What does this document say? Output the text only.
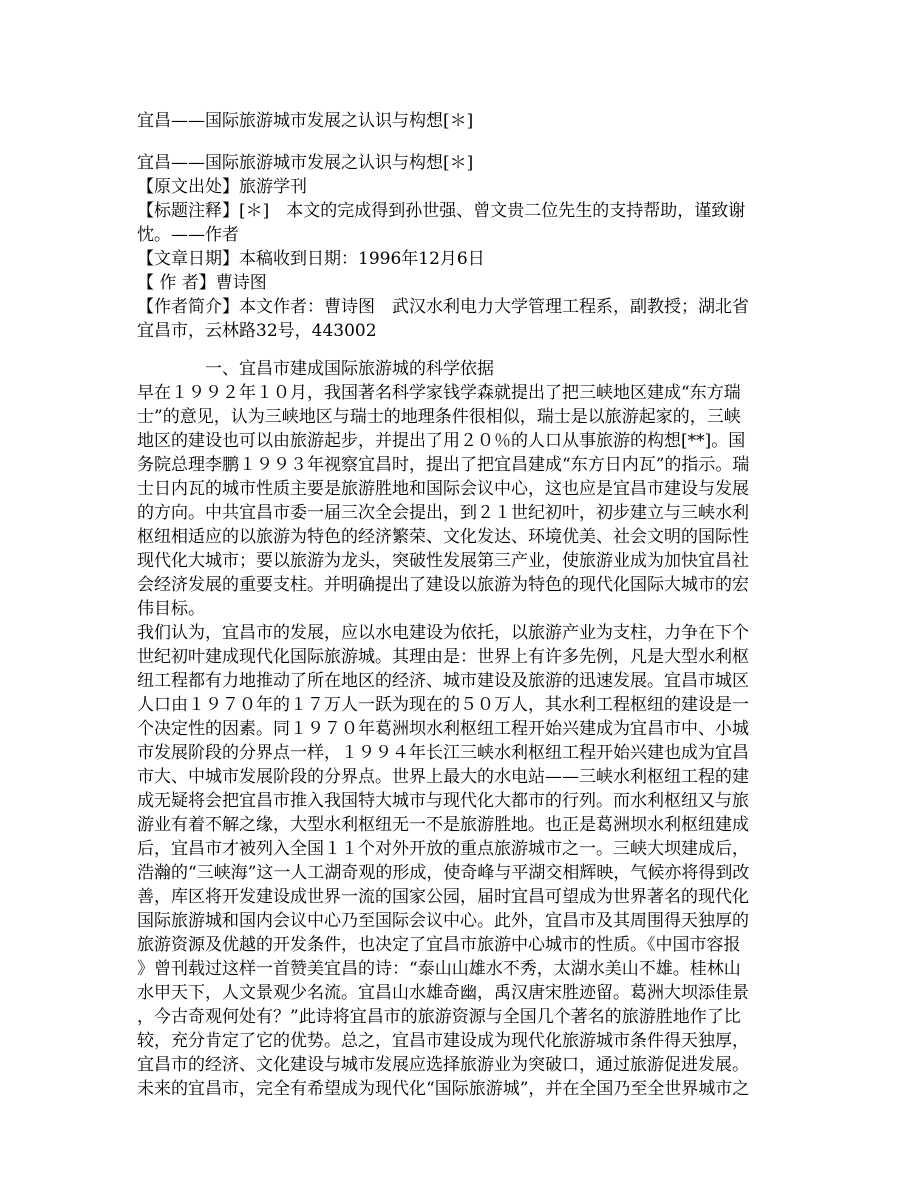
宜昌——国际旅游城市发展之认识与构想[＊]
宜昌——国际旅游城市发展之认识与构想[＊]
【原文出处】旅游学刊
【标题注释】[＊]　本文的完成得到孙世强、曾文贵二位先生的支持帮助，谨致谢
忱。——作者
【文章日期】本稿收到日期：1996年12月6日
【 作 者】曹诗图
【作者简介】本文作者：曹诗图　武汉水利电力大学管理工程系，副教授；湖北省
宜昌市，云林路32号，443002
　　　　一、宜昌市建成国际旅游城的科学依据
早在１９９２年１０月，我国著名科学家钱学森就提出了把三峡地区建成“东方瑞
士”的意见，认为三峡地区与瑞士的地理条件很相似，瑞士是以旅游起家的，三峡
地区的建设也可以由旅游起步，并提出了用２０％的人口从事旅游的构想[**]。国
务院总理李鹏１９９３年视察宜昌时，提出了把宜昌建成“东方日内瓦”的指示。瑞
士日内瓦的城市性质主要是旅游胜地和国际会议中心，这也应是宜昌市建设与发展
的方向。中共宜昌市委一届三次全会提出，到２１世纪初叶，初步建立与三峡水利
枢纽相适应的以旅游为特色的经济繁荣、文化发达、环境优美、社会文明的国际性
现代化大城市；要以旅游为龙头，突破性发展第三产业，使旅游业成为加快宜昌社
会经济发展的重要支柱。并明确提出了建设以旅游为特色的现代化国际大城市的宏
伟目标。
我们认为，宜昌市的发展，应以水电建设为依托，以旅游产业为支柱，力争在下个
世纪初叶建成现代化国际旅游城。其理由是：世界上有许多先例，凡是大型水利枢
纽工程都有力地推动了所在地区的经济、城市建设及旅游的迅速发展。宜昌市城区
人口由１９７０年的１７万人一跃为现在的５０万人，其水利工程枢纽的建设是一
个决定性的因素。同１９７０年葛洲坝水利枢纽工程开始兴建成为宜昌市中、小城
市发展阶段的分界点一样，１９９４年长江三峡水利枢纽工程开始兴建也成为宜昌
市大、中城市发展阶段的分界点。世界上最大的水电站——三峡水利枢纽工程的建
成无疑将会把宜昌市推入我国特大城市与现代化大都市的行列。而水利枢纽又与旅
游业有着不解之缘，大型水利枢纽无一不是旅游胜地。也正是葛洲坝水利枢纽建成
后，宜昌市才被列入全国１１个对外开放的重点旅游城市之一。三峡大坝建成后，
浩瀚的“三峡海”这一人工湖奇观的形成，使奇峰与平湖交相辉映，气候亦将得到改
善，库区将开发建设成世界一流的国家公园，届时宜昌可望成为世界著名的现代化
国际旅游城和国内会议中心乃至国际会议中心。此外，宜昌市及其周围得天独厚的
旅游资源及优越的开发条件，也决定了宜昌市旅游中心城市的性质。《中国市容报
》曾刊载过这样一首赞美宜昌的诗：“泰山山雄水不秀，太湖水美山不雄。桂林山
水甲天下，人文景观少名流。宜昌山水雄奇幽，禹汉唐宋胜迹留。葛洲大坝添佳景
，今古奇观何处有？”此诗将宜昌市的旅游资源与全国几个著名的旅游胜地作了比
较，充分肯定了它的优势。总之，宜昌市建设成为现代化旅游城市条件得天独厚，
宜昌市的经济、文化建设与城市发展应选择旅游业为突破口，通过旅游促进发展。
未来的宜昌市，完全有希望成为现代化“国际旅游城”，并在全国乃至全世界城市之
